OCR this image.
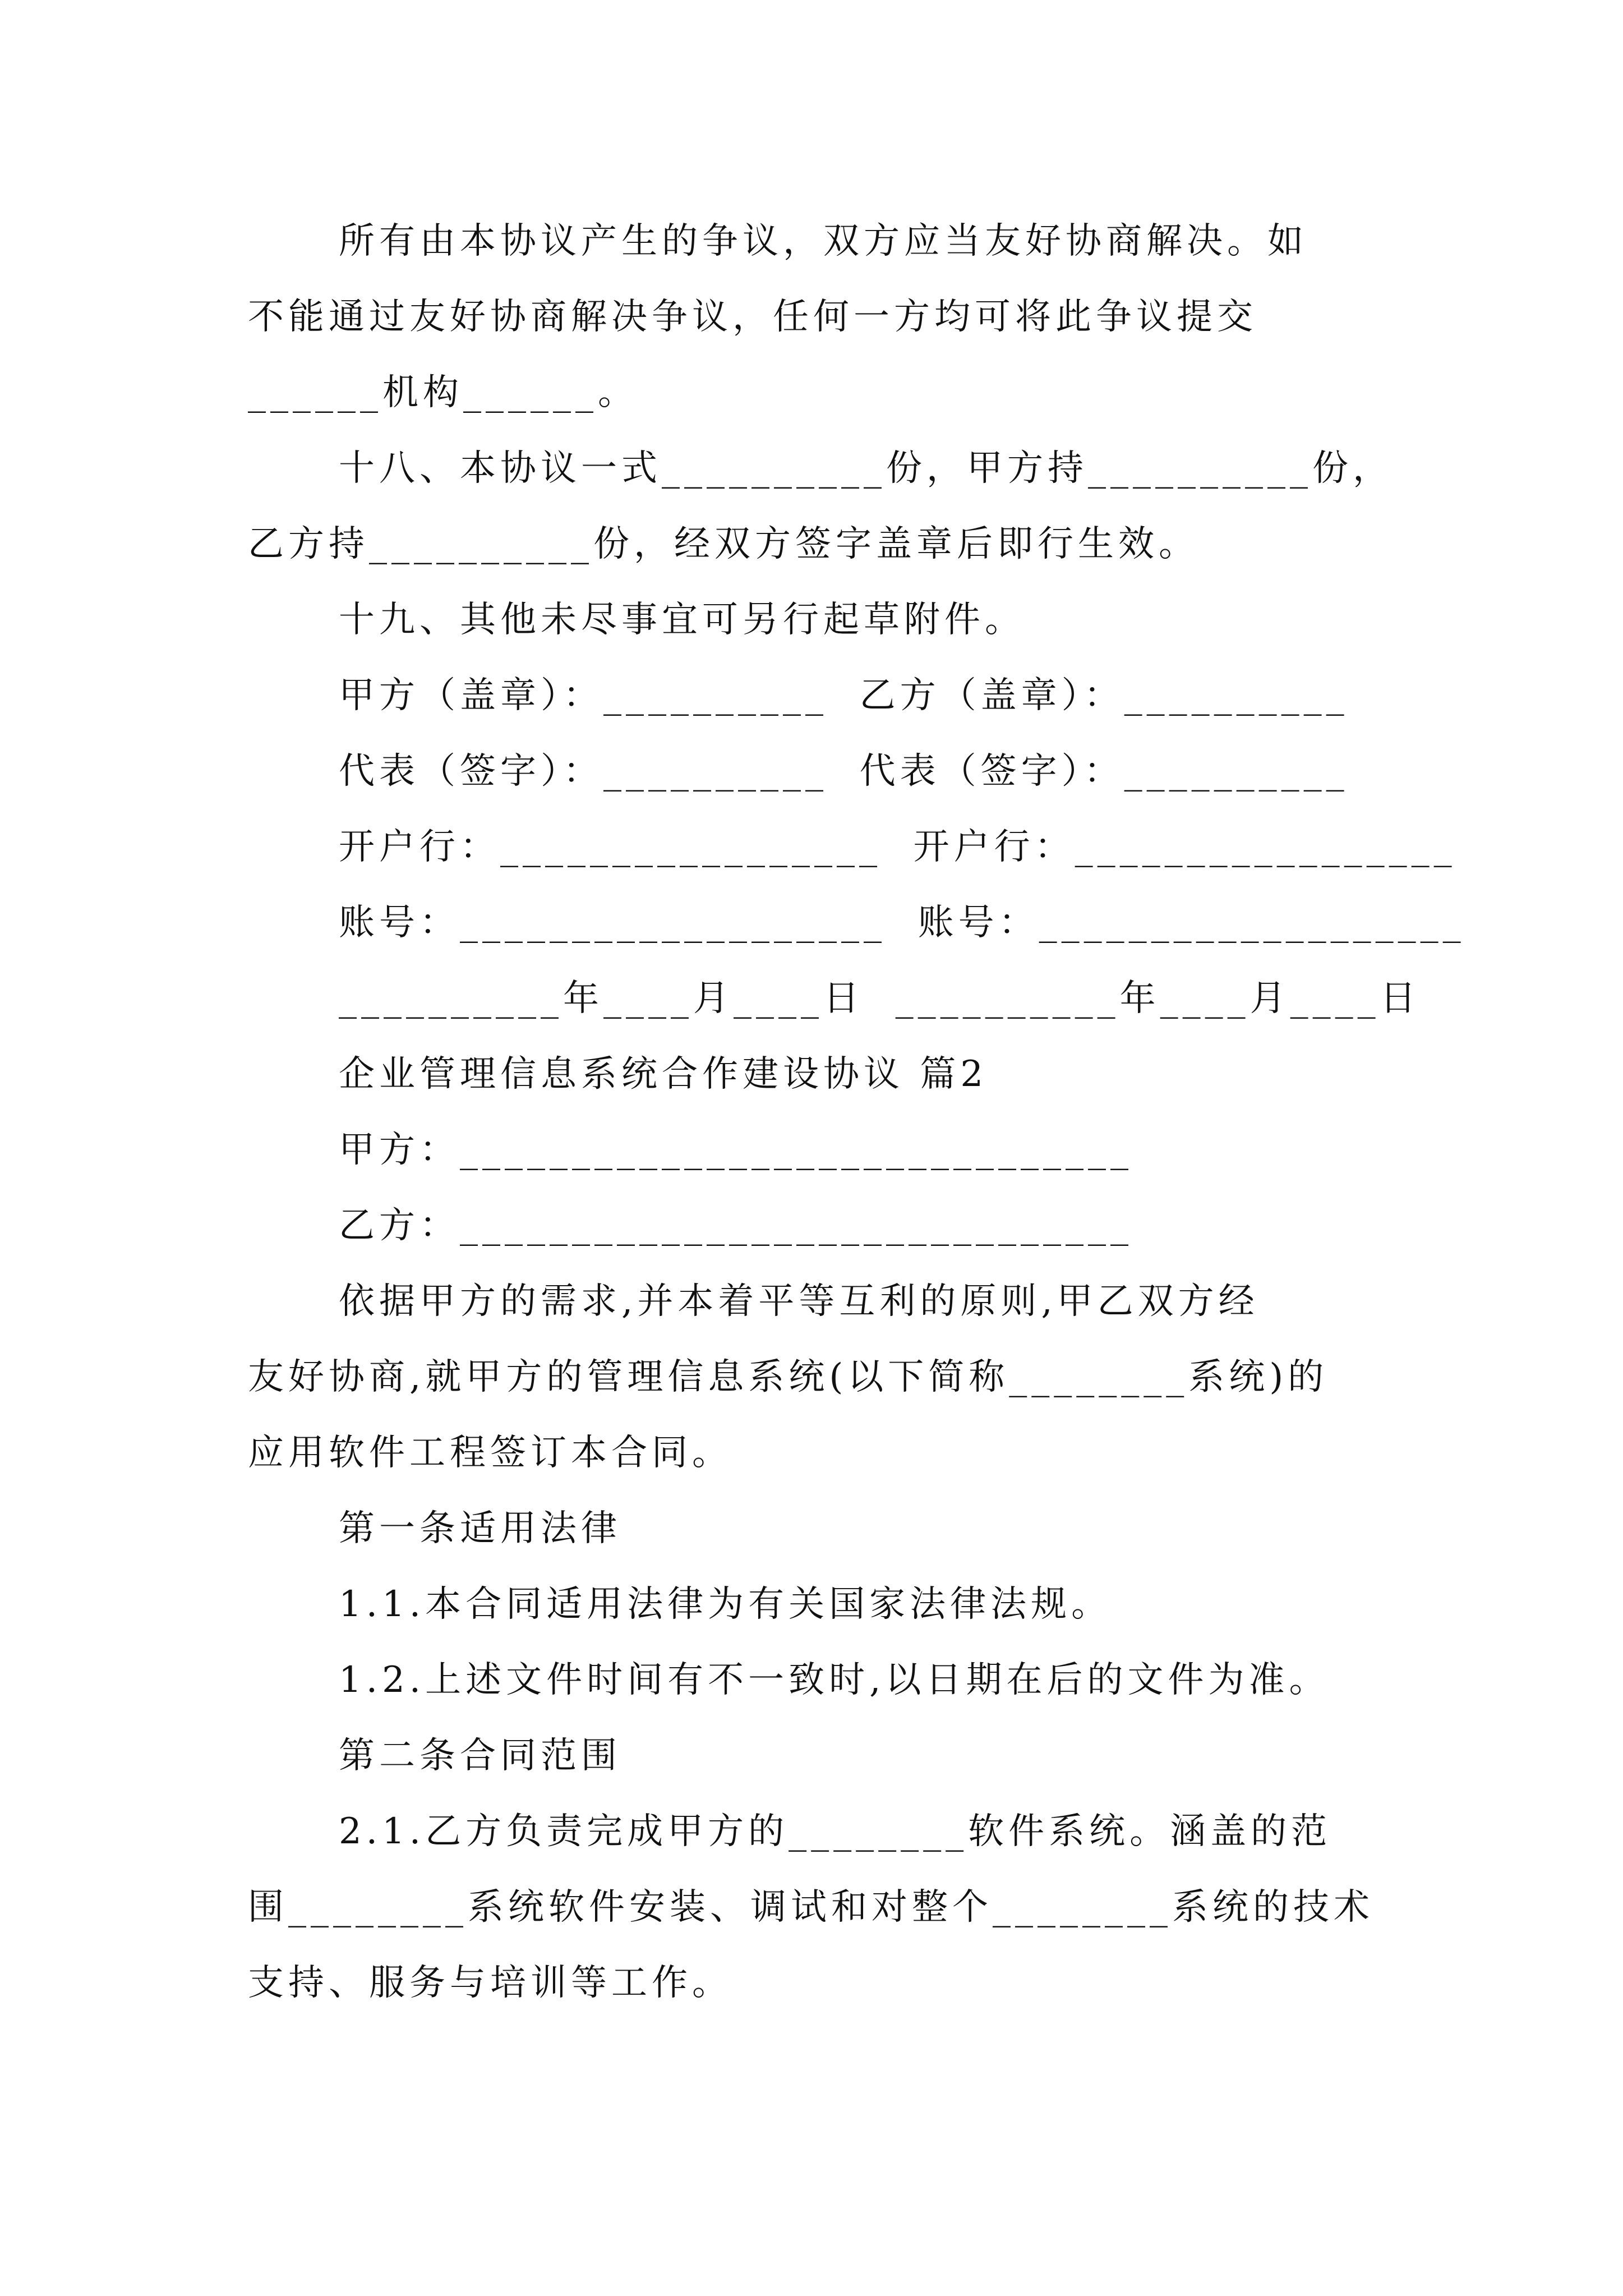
所有由本协议产生的争议，双方应当友好协商解决。如
不能通过友好协商解决争议，任何一方均可将此争议提交
______机构______。
十八、本协议一式__________份，甲方持__________份，
乙方持__________份，经双方签字盖章后即行生效。
十九、其他未尽事宜可另行起草附件。
甲方（盖章）：__________  乙方（盖章）：__________
代表（签字）：__________  代表（签字）：__________
开户行：_________________  开户行：_________________
账号：___________________  账号：___________________
__________年____月____日  __________年____月____日
企业管理信息系统合作建设协议 篇2
甲方：______________________________
乙方：______________________________
依据甲方的需求,并本着平等互利的原则,甲乙双方经
友好协商,就甲方的管理信息系统(以下简称________系统)的
应用软件工程签订本合同。
第一条适用法律
1.1.本合同适用法律为有关国家法律法规。
1.2.上述文件时间有不一致时,以日期在后的文件为准。
第二条合同范围
2.1.乙方负责完成甲方的________软件系统。涵盖的范
围________系统软件安装、调试和对整个________系统的技术
支持、服务与培训等工作。
